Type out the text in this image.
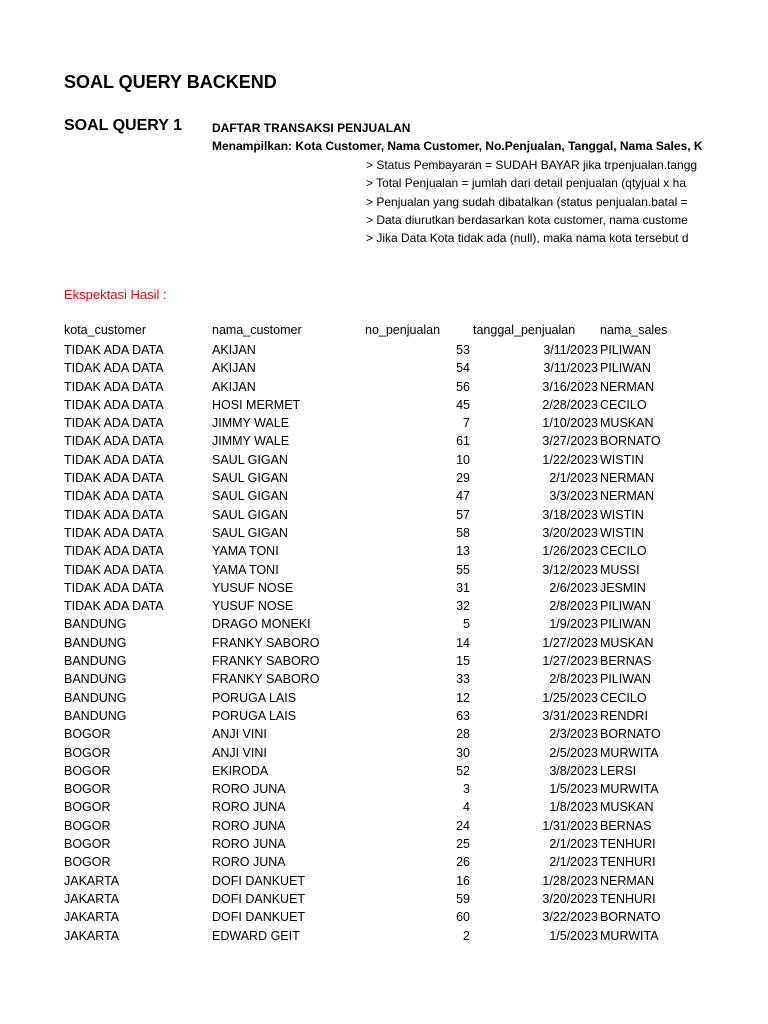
SOAL QUERY BACKEND
SOAL QUERY 1	DAFTAR TRANSAKSI PENJUALAN
Menampilkan: Kota Customer, Nama Customer, No.Penjualan, Tanggal, Nama Sales, K
> Status Pembayaran = SUDAH BAYAR jika trpenjualan.tangg
> Total Penjualan = jumlah dari detail penjualan (qtyjual x ha
> Penjualan yang sudah dibatalkan (status penjualan.batal =
> Data diurutkan berdasarkan kota customer, nama custome
> Jika Data Kota tidak ada (null), maka nama kota tersebut d
Ekspektasi Hasil :
kota_customer	nama_customer	no_penjualan	tanggal_penjualan nama_sales
TIDAK ADA DATA	AKIJAN	53	3/11/2023 PILIWAN
TIDAK ADA DATA	AKIJAN	54	3/11/2023 PILIWAN
TIDAK ADA DATA	AKIJAN	56	3/16/2023 NERMAN
TIDAK ADA DATA	HOSI MERMET	45	2/28/2023 CECILO
TIDAK ADA DATA	JIMMY WALE	7	1/10/2023 MUSKAN
TIDAK ADA DATA	JIMMY WALE	61	3/27/2023 BORNATO
TIDAK ADA DATA	SAUL GIGAN	10	1/22/2023 WISTIN
TIDAK ADA DATA	SAUL GIGAN	29	2/1/2023 NERMAN
TIDAK ADA DATA	SAUL GIGAN	47	3/3/2023 NERMAN
TIDAK ADA DATA	SAUL GIGAN	57	3/18/2023 WISTIN
TIDAK ADA DATA	SAUL GIGAN	58	3/20/2023 WISTIN
TIDAK ADA DATA	YAMA TONI	13	1/26/2023 CECILO
TIDAK ADA DATA	YAMA TONI	55	3/12/2023 MUSSI
TIDAK ADA DATA	YUSUF NOSE	31	2/6/2023 JESMIN
TIDAK ADA DATA	YUSUF NOSE	32	2/8/2023 PILIWAN
BANDUNG	DRAGO MONEKI	5	1/9/2023 PILIWAN
BANDUNG	FRANKY SABORO	14	1/27/2023 MUSKAN
BANDUNG	FRANKY SABORO	15	1/27/2023 BERNAS
BANDUNG	FRANKY SABORO	33	2/8/2023 PILIWAN
BANDUNG	PORUGA LAIS	12	1/25/2023 CECILO
BANDUNG	PORUGA LAIS	63	3/31/2023 RENDRI
BOGOR	ANJI VINI	28	2/3/2023 BORNATO
BOGOR	ANJI VINI	30	2/5/2023 MURWITA
BOGOR	EKIRODA	52	3/8/2023 LERSI
BOGOR	RORO JUNA	3	1/5/2023 MURWITA
BOGOR	RORO JUNA	4	1/8/2023 MUSKAN
BOGOR	RORO JUNA	24	1/31/2023 BERNAS
BOGOR	RORO JUNA	25	2/1/2023 TENHURI
BOGOR	RORO JUNA	26	2/1/2023 TENHURI
JAKARTA	DOFI DANKUET	16	1/28/2023 NERMAN
JAKARTA	DOFI DANKUET	59	3/20/2023 TENHURI
JAKARTA	DOFI DANKUET	60	3/22/2023 BORNATO
JAKARTA	EDWARD GEIT	2	1/5/2023 MURWITA
